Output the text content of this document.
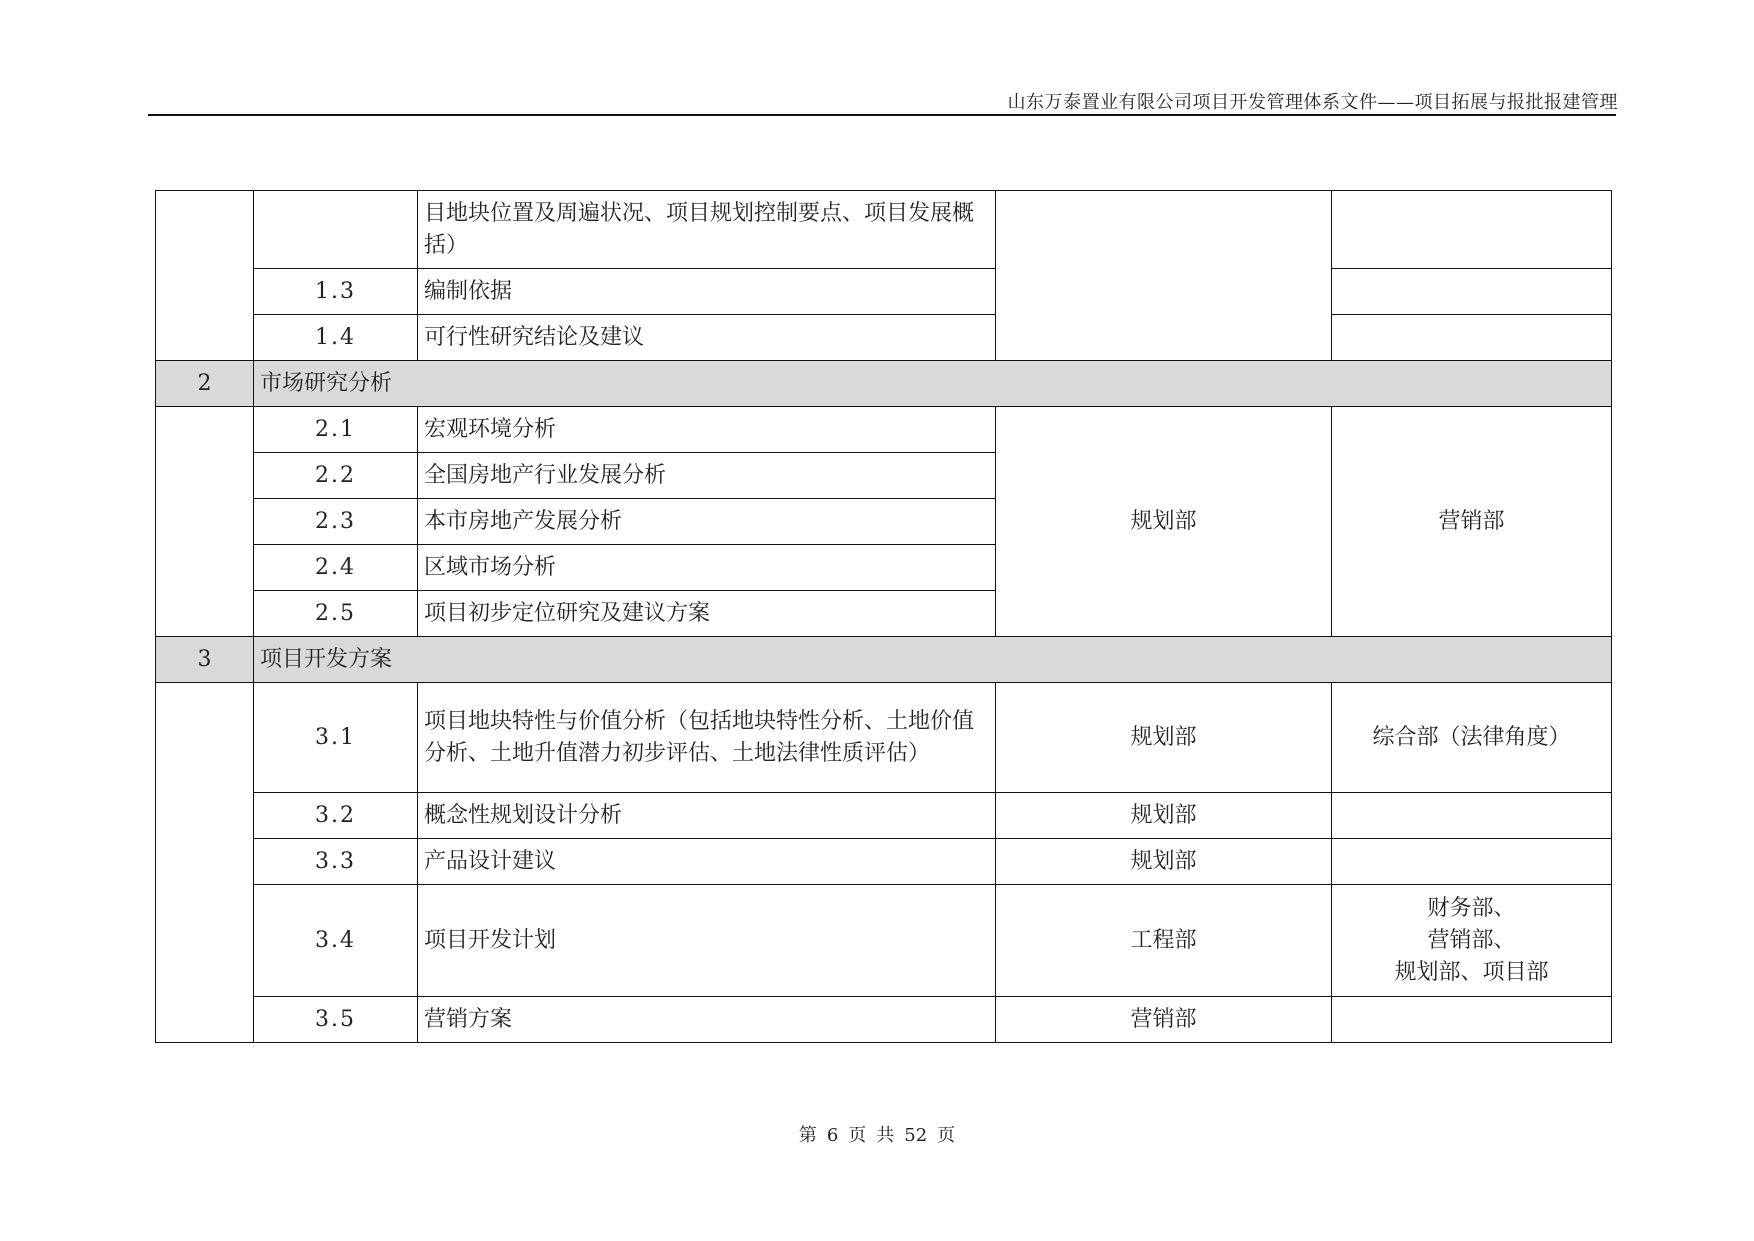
山东万泰置业有限公司项目开发管理体系文件——项目拓展与报批报建管理
		目地块位置及周遍状况、项目规划控制要点、项目发展概括）		
	1.3	编制依据		
	1.4	可行性研究结论及建议		
2	市场研究分析			
	2.1	宏观环境分析	规划部	营销部
	2.2	全国房地产行业发展分析		
	2.3	本市房地产发展分析		
	2.4	区域市场分析		
	2.5	项目初步定位研究及建议方案		
3	项目开发方案			
	3.1	项目地块特性与价值分析（包括地块特性分析、土地价值分析、土地升值潜力初步评估、土地法律性质评估）	规划部	综合部（法律角度）
	3.2	概念性规划设计分析	规划部	
	3.3	产品设计建议	规划部	
	3.4	项目开发计划	工程部	财务部、
营销部、
规划部、项目部

	3.5	营销方案	营销部	
第 6 页 共 52 页
